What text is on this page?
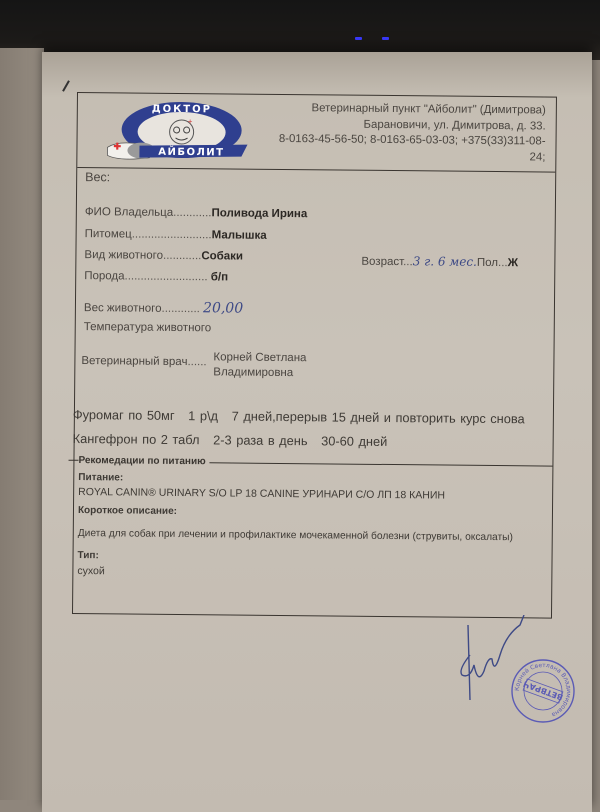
ДОКТОР
+
✚
АЙБОЛИТ
Ветеринарный пункт "Айболит" (Димитрова)
Барановичи, ул. Димитрова, д. 33.
8-0163-45-56-50; 8-0163-65-03-03; +375(33)311-08-
24;
Вес:
ФИО Владельца............Поливода Ирина
Питомец.........................Малышка
Вид животного............Собаки
Порода.......................... б/п
Возраст...3 г. 6 мес.Пол...Ж
Вес животного............ 20,00
Температура животного
Ветеринарный врач...... Корней Светлана
Владимировна
Фуромаг по 50мг   1 р\д   7 дней,перерыв 15 дней и повторить курс снова
Кангефрон по 2 табл   2-3 раза в день   30-60 дней
— Рекомедации по питанию
Питание:
ROYAL CANIN® URINARY S/O LP 18 CANINE УРИНАРИ С/О ЛП 18 КАНИН
Короткое описание:
Диета для собак при лечении и профилактике мочекаменной болезни (струвиты, оксалаты)
Тип:
сухой
Корней Светлана Владимировна
ВЕТВРАЧ
